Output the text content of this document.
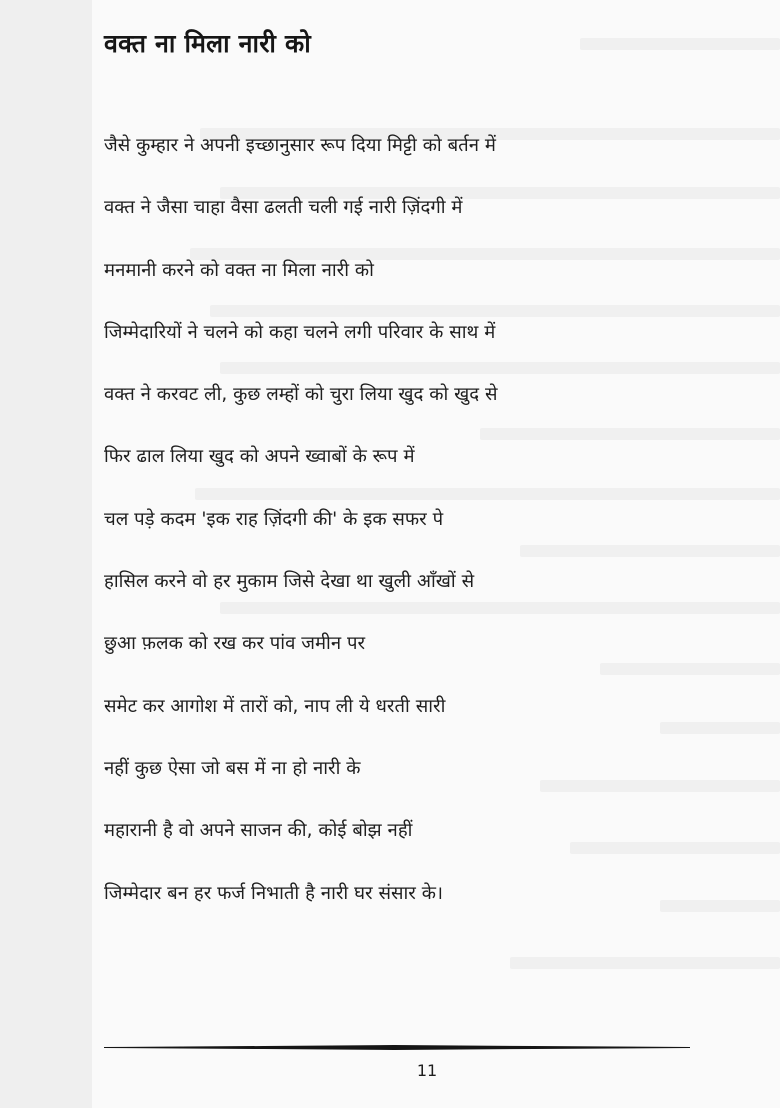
वक्त ना मिला नारी को
जैसे कुम्हार ने अपनी इच्छानुसार रूप दिया मिट्टी को बर्तन में
वक्त ने जैसा चाहा वैसा ढलती चली गई नारी ज़िंदगी में
मनमानी करने को वक्त ना मिला नारी को
जिम्मेदारियों ने चलने को कहा चलने लगी परिवार के साथ में
वक्त ने करवट ली, कुछ लम्हों को चुरा लिया खुद को खुद से
फिर ढाल लिया खुद को अपने ख्वाबों के रूप में
चल पड़े कदम 'इक राह ज़िंदगी की' के इक सफर पे
हासिल करने वो हर मुकाम जिसे देखा था खुली आँखों से
छुआ फ़लक को रख कर पांव जमीन पर
समेट कर आगोश में तारों को, नाप ली ये धरती सारी
नहीं कुछ ऐसा जो बस में ना हो नारी के
महारानी है वो अपने साजन की, कोई बोझ नहीं
जिम्मेदार बन हर फर्ज निभाती है नारी घर संसार के।
11
